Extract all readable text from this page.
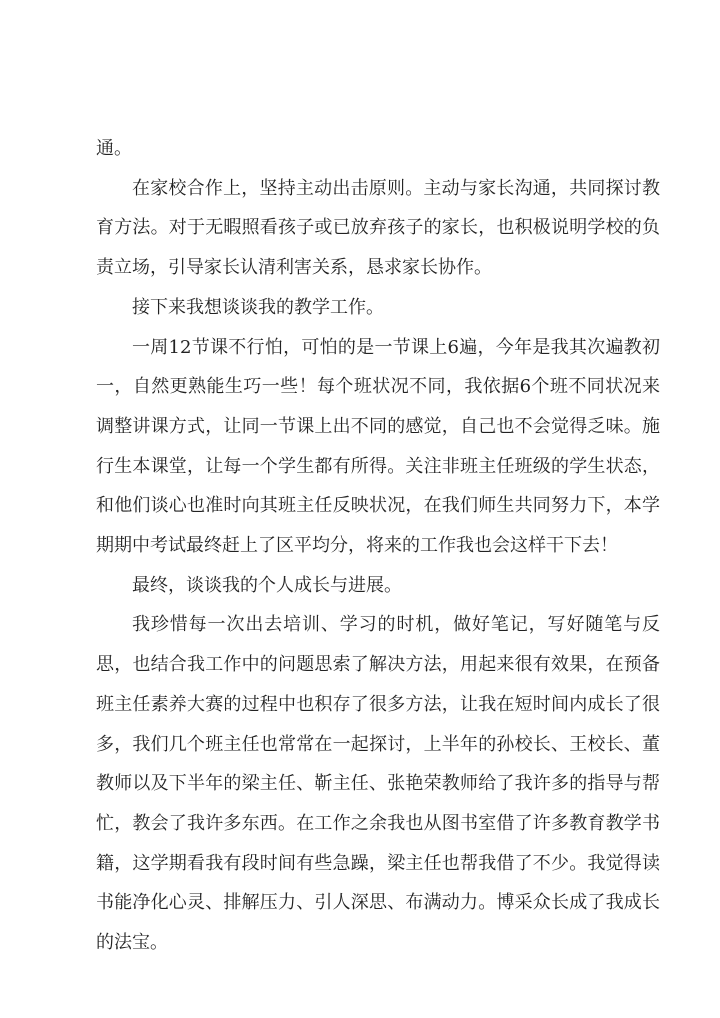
通。

在家校合作上，坚持主动出击原则。主动与家长沟通，共同探讨教育方法。对于无暇照看孩子或已放弃孩子的家长，也积极说明学校的负责立场，引导家长认清利害关系，恳求家长协作。

接下来我想谈谈我的教学工作。

一周12节课不行怕，可怕的是一节课上6遍，今年是我其次遍教初一，自然更熟能生巧一些！每个班状况不同，我依据6个班不同状况来调整讲课方式，让同一节课上出不同的感觉，自己也不会觉得乏味。施行生本课堂，让每一个学生都有所得。关注非班主任班级的学生状态，和他们谈心也准时向其班主任反映状况，在我们师生共同努力下，本学期期中考试最终赶上了区平均分，将来的工作我也会这样干下去！

最终，谈谈我的个人成长与进展。

我珍惜每一次出去培训、学习的时机，做好笔记，写好随笔与反思，也结合我工作中的问题思索了解决方法，用起来很有效果，在预备班主任素养大赛的过程中也积存了很多方法，让我在短时间内成长了很多，我们几个班主任也常常在一起探讨，上半年的孙校长、王校长、董教师以及下半年的梁主任、靳主任、张艳荣教师给了我许多的指导与帮忙，教会了我许多东西。在工作之余我也从图书室借了许多教育教学书籍，这学期看我有段时间有些急躁，梁主任也帮我借了不少。我觉得读书能净化心灵、排解压力、引人深思、布满动力。博采众长成了我成长的法宝。
